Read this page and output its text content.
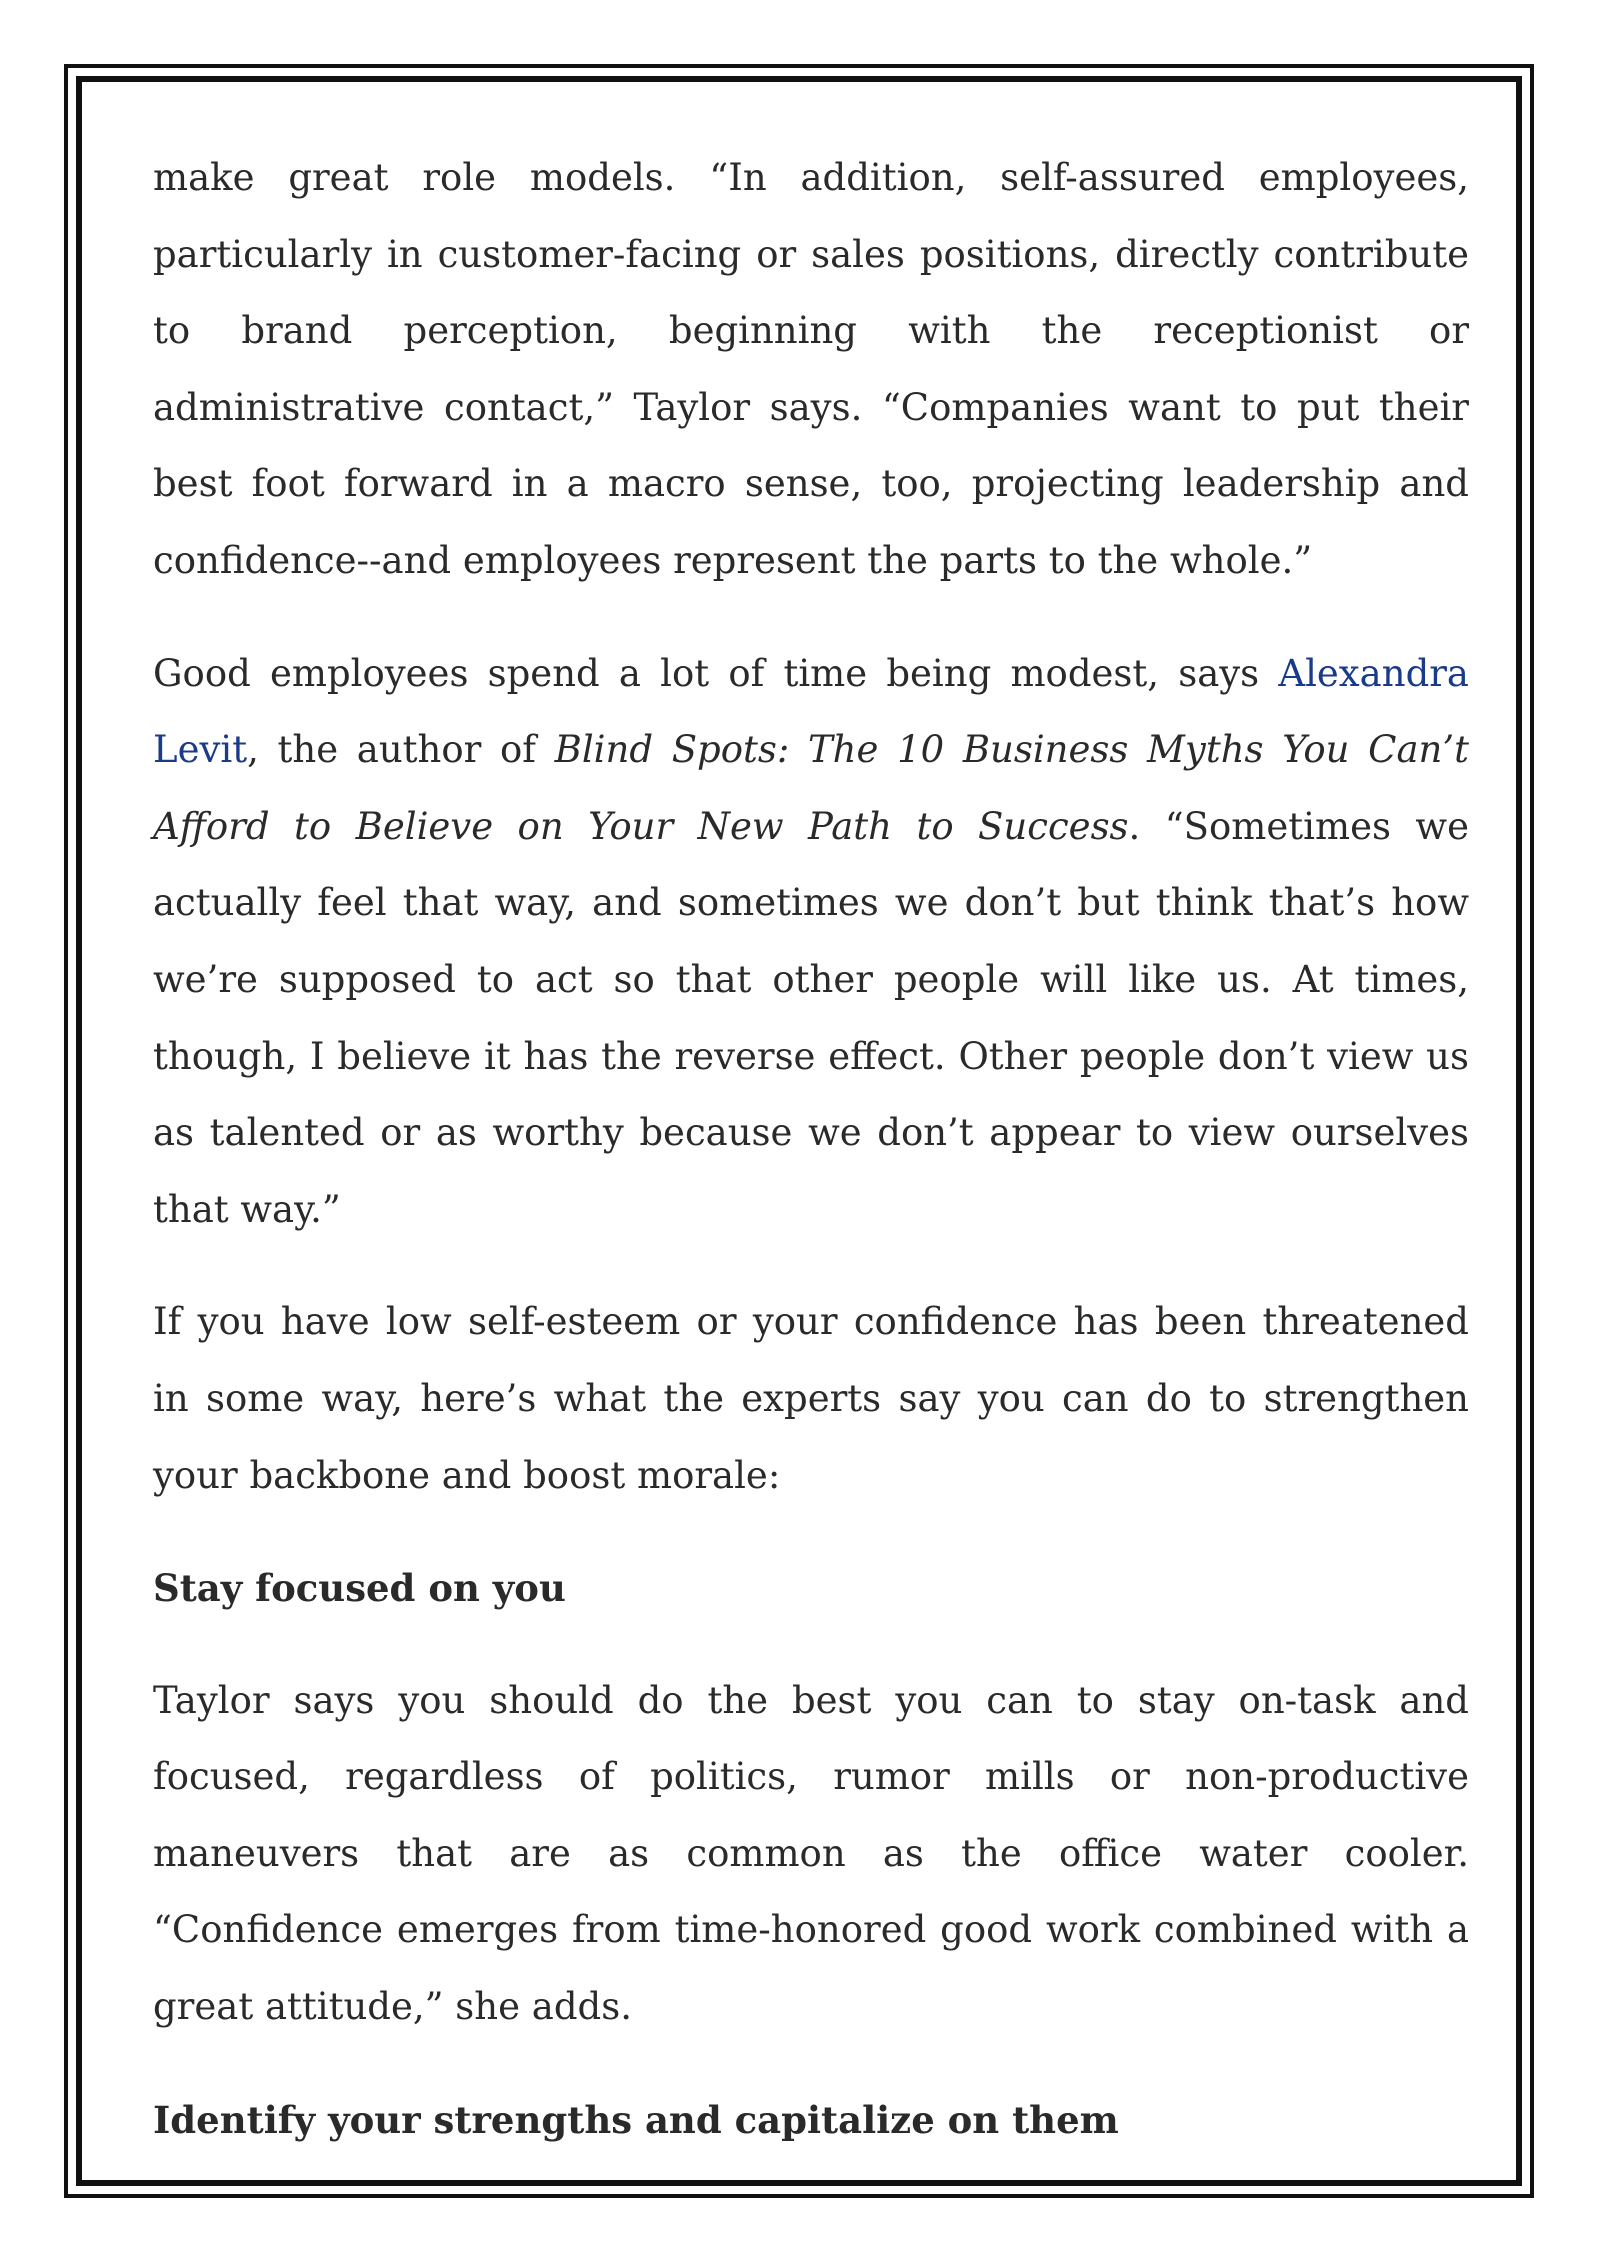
make great role models. “In addition, self-assured employees, particularly in customer-facing or sales positions, directly contribute to brand perception, beginning with the receptionist or administrative contact,” Taylor says. “Companies want to put their best foot forward in a macro sense, too, projecting leadership and confidence--and employees represent the parts to the whole.”

Good employees spend a lot of time being modest, says Alexandra Levit, the author of Blind Spots: The 10 Business Myths You Can’t Afford to Believe on Your New Path to Success. “Sometimes we actually feel that way, and sometimes we don’t but think that’s how we’re supposed to act so that other people will like us. At times, though, I believe it has the reverse effect. Other people don’t view us as talented or as worthy because we don’t appear to view ourselves that way.”

If you have low self-esteem or your confidence has been threatened in some way, here’s what the experts say you can do to strengthen your backbone and boost morale:

Stay focused on you

Taylor says you should do the best you can to stay on-task and focused, regardless of politics, rumor mills or non-productive maneuvers that are as common as the office water cooler. “Confidence emerges from time-honored good work combined with a great attitude,” she adds.

Identify your strengths and capitalize on them
